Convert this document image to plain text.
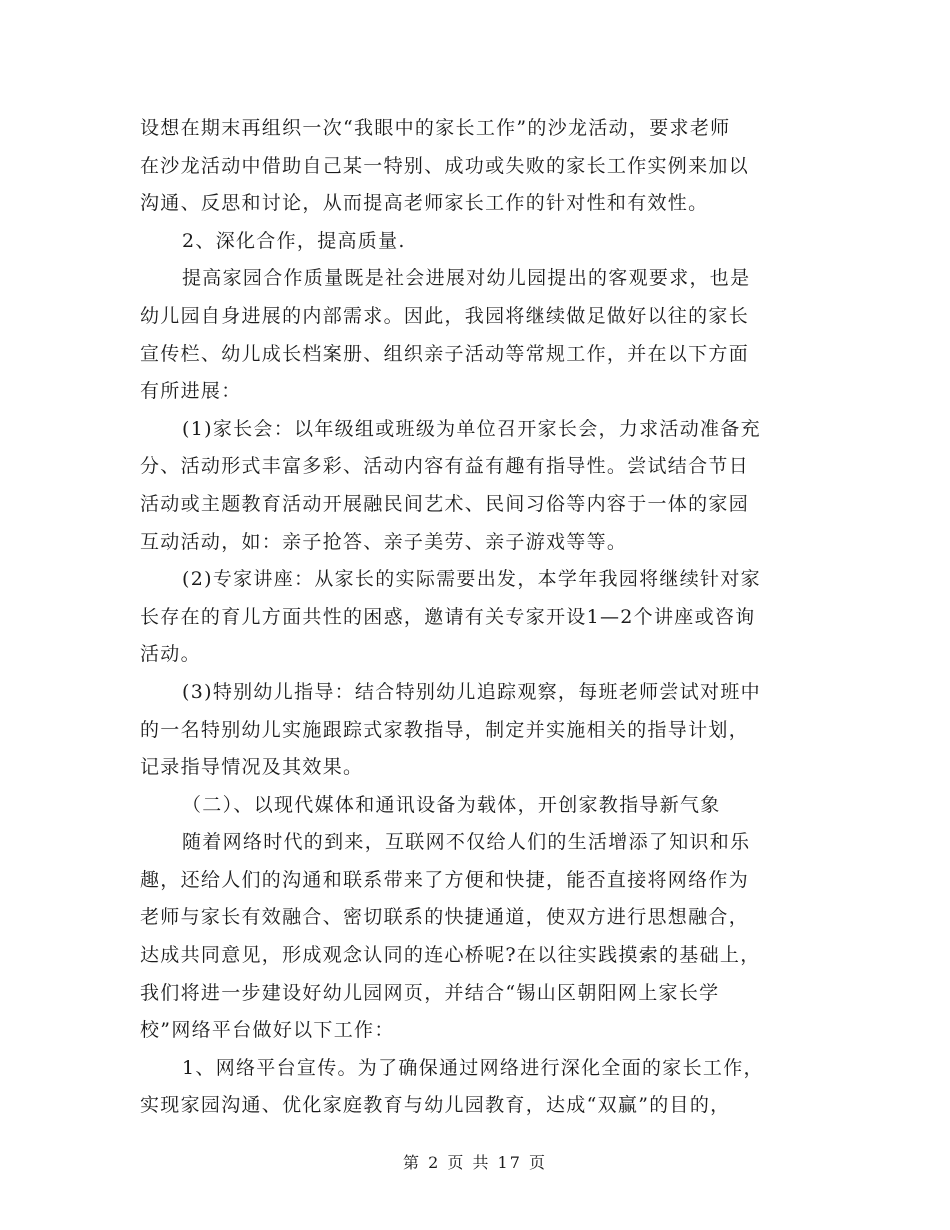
设想在期末再组织一次“我眼中的家长工作”的沙龙活动，要求老师
在沙龙活动中借助自己某一特别、成功或失败的家长工作实例来加以
沟通、反思和讨论，从而提高老师家长工作的针对性和有效性。
2、深化合作，提高质量.
提高家园合作质量既是社会进展对幼儿园提出的客观要求，也是
幼儿园自身进展的内部需求。因此，我园将继续做足做好以往的家长
宣传栏、幼儿成长档案册、组织亲子活动等常规工作，并在以下方面
有所进展：
(1)家长会：以年级组或班级为单位召开家长会，力求活动准备充
分、活动形式丰富多彩、活动内容有益有趣有指导性。尝试结合节日
活动或主题教育活动开展融民间艺术、民间习俗等内容于一体的家园
互动活动，如：亲子抢答、亲子美劳、亲子游戏等等。
(2)专家讲座：从家长的实际需要出发，本学年我园将继续针对家
长存在的育儿方面共性的困惑，邀请有关专家开设1—2个讲座或咨询
活动。
(3)特别幼儿指导：结合特别幼儿追踪观察，每班老师尝试对班中
的一名特别幼儿实施跟踪式家教指导，制定并实施相关的指导计划，
记录指导情况及其效果。
（二）、以现代媒体和通讯设备为载体，开创家教指导新气象
随着网络时代的到来，互联网不仅给人们的生活增添了知识和乐
趣，还给人们的沟通和联系带来了方便和快捷，能否直接将网络作为
老师与家长有效融合、密切联系的快捷通道，使双方进行思想融合，
达成共同意见，形成观念认同的连心桥呢?在以往实践摸索的基础上，
我们将进一步建设好幼儿园网页，并结合“锡山区朝阳网上家长学
校”网络平台做好以下工作：
1、网络平台宣传。为了确保通过网络进行深化全面的家长工作，
实现家园沟通、优化家庭教育与幼儿园教育，达成“双赢”的目的，
第 2 页 共 17 页
